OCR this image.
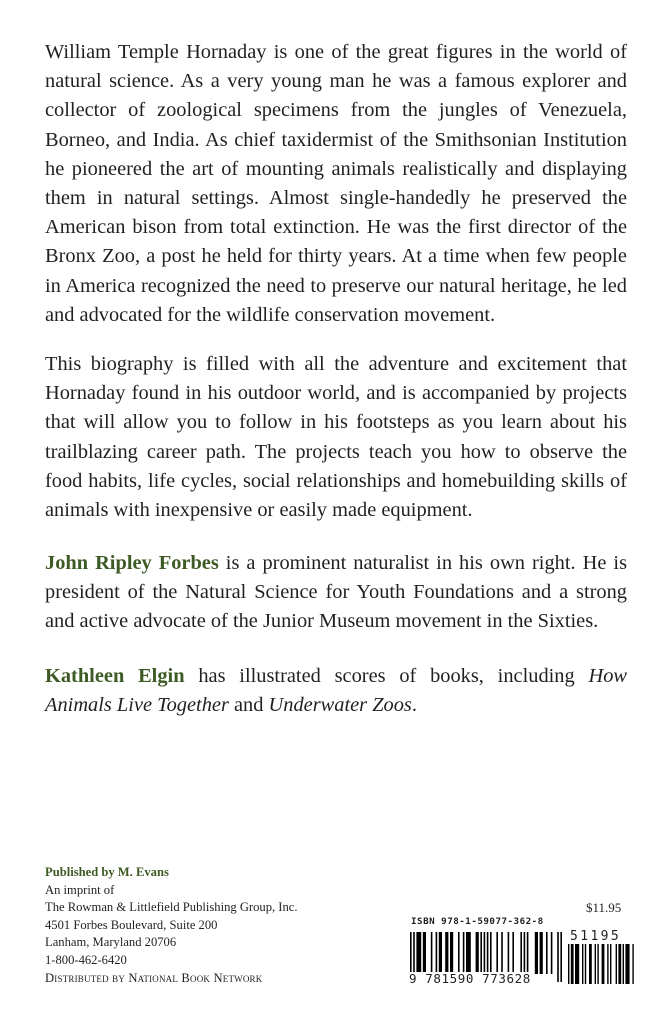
William Temple Hornaday is one of the great figures in the world of natural science. As a very young man he was a famous explorer and collector of zoological specimens from the jungles of Venezuela, Borneo, and India. As chief taxidermist of the Smithsonian Institution he pioneered the art of mounting animals realistically and displaying them in natural settings. Almost single-handedly he preserved the American bison from total extinction. He was the first director of the Bronx Zoo, a post he held for thirty years. At a time when few people in America recognized the need to preserve our natural heritage, he led and advocated for the wildlife conservation movement.

This biography is filled with all the adventure and excitement that Hornaday found in his outdoor world, and is accompanied by projects that will allow you to follow in his footsteps as you learn about his trailblazing career path. The projects teach you how to observe the food habits, life cycles, social relationships and homebuilding skills of animals with inexpensive or easily made equipment.

John Ripley Forbes is a prominent naturalist in his own right. He is president of the Natural Science for Youth Foundations and a strong and active advocate of the Junior Museum movement in the Sixties.

Kathleen Elgin has illustrated scores of books, including How Animals Live Together and Underwater Zoos.

Published by M. Evans
An imprint of
The Rowman & Littlefield Publishing Group, Inc.
4501 Forbes Boulevard, Suite 200
Lanham, Maryland 20706
1-800-462-6420
Distributed by National Book Network
$11.95
ISBN 978-1-59077-362-8
51195
9 781590 773628
